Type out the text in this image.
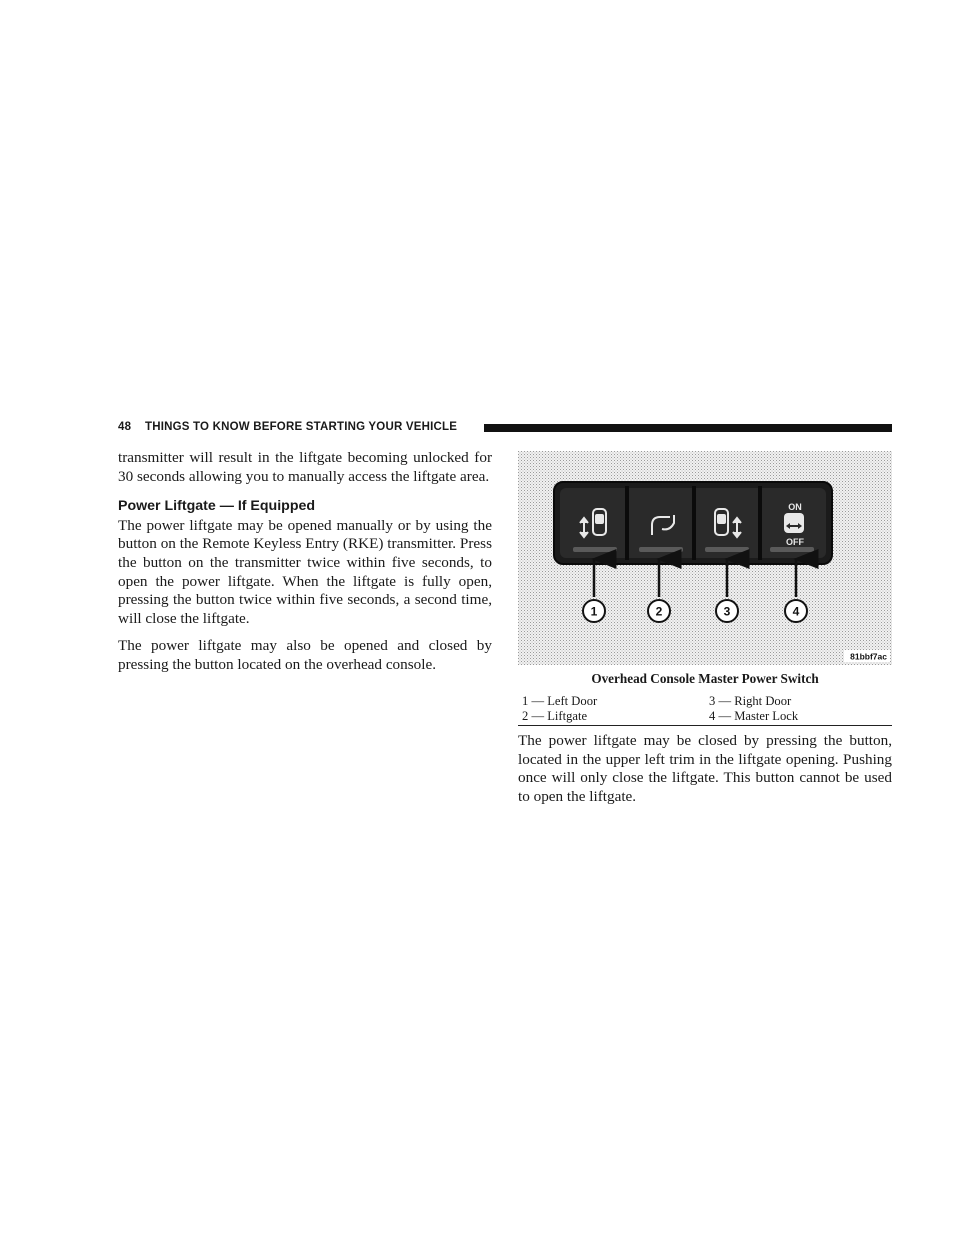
48 THINGS TO KNOW BEFORE STARTING YOUR VEHICLE

transmitter will result in the liftgate becoming unlocked for 30 seconds allowing you to manually access the liftgate area.

Power Liftgate — If Equipped

The power liftgate may be opened manually or by using the button on the Remote Keyless Entry (RKE) transmitter. Press the button on the transmitter twice within five seconds, to open the power liftgate. When the liftgate is fully open, pressing the button twice within five seconds, a second time, will close the liftgate.

The power liftgate may also be opened and closed by pressing the button located on the overhead console.

ON
OFF
1	2	3	4
81bbf7ac
Overhead Console Master Power Switch
1 — Left Door	3 — Right Door
2 — Liftgate	4 — Master Lock

The power liftgate may be closed by pressing the button, located in the upper left trim in the liftgate opening. Pushing once will only close the liftgate. This button cannot be used to open the liftgate.
